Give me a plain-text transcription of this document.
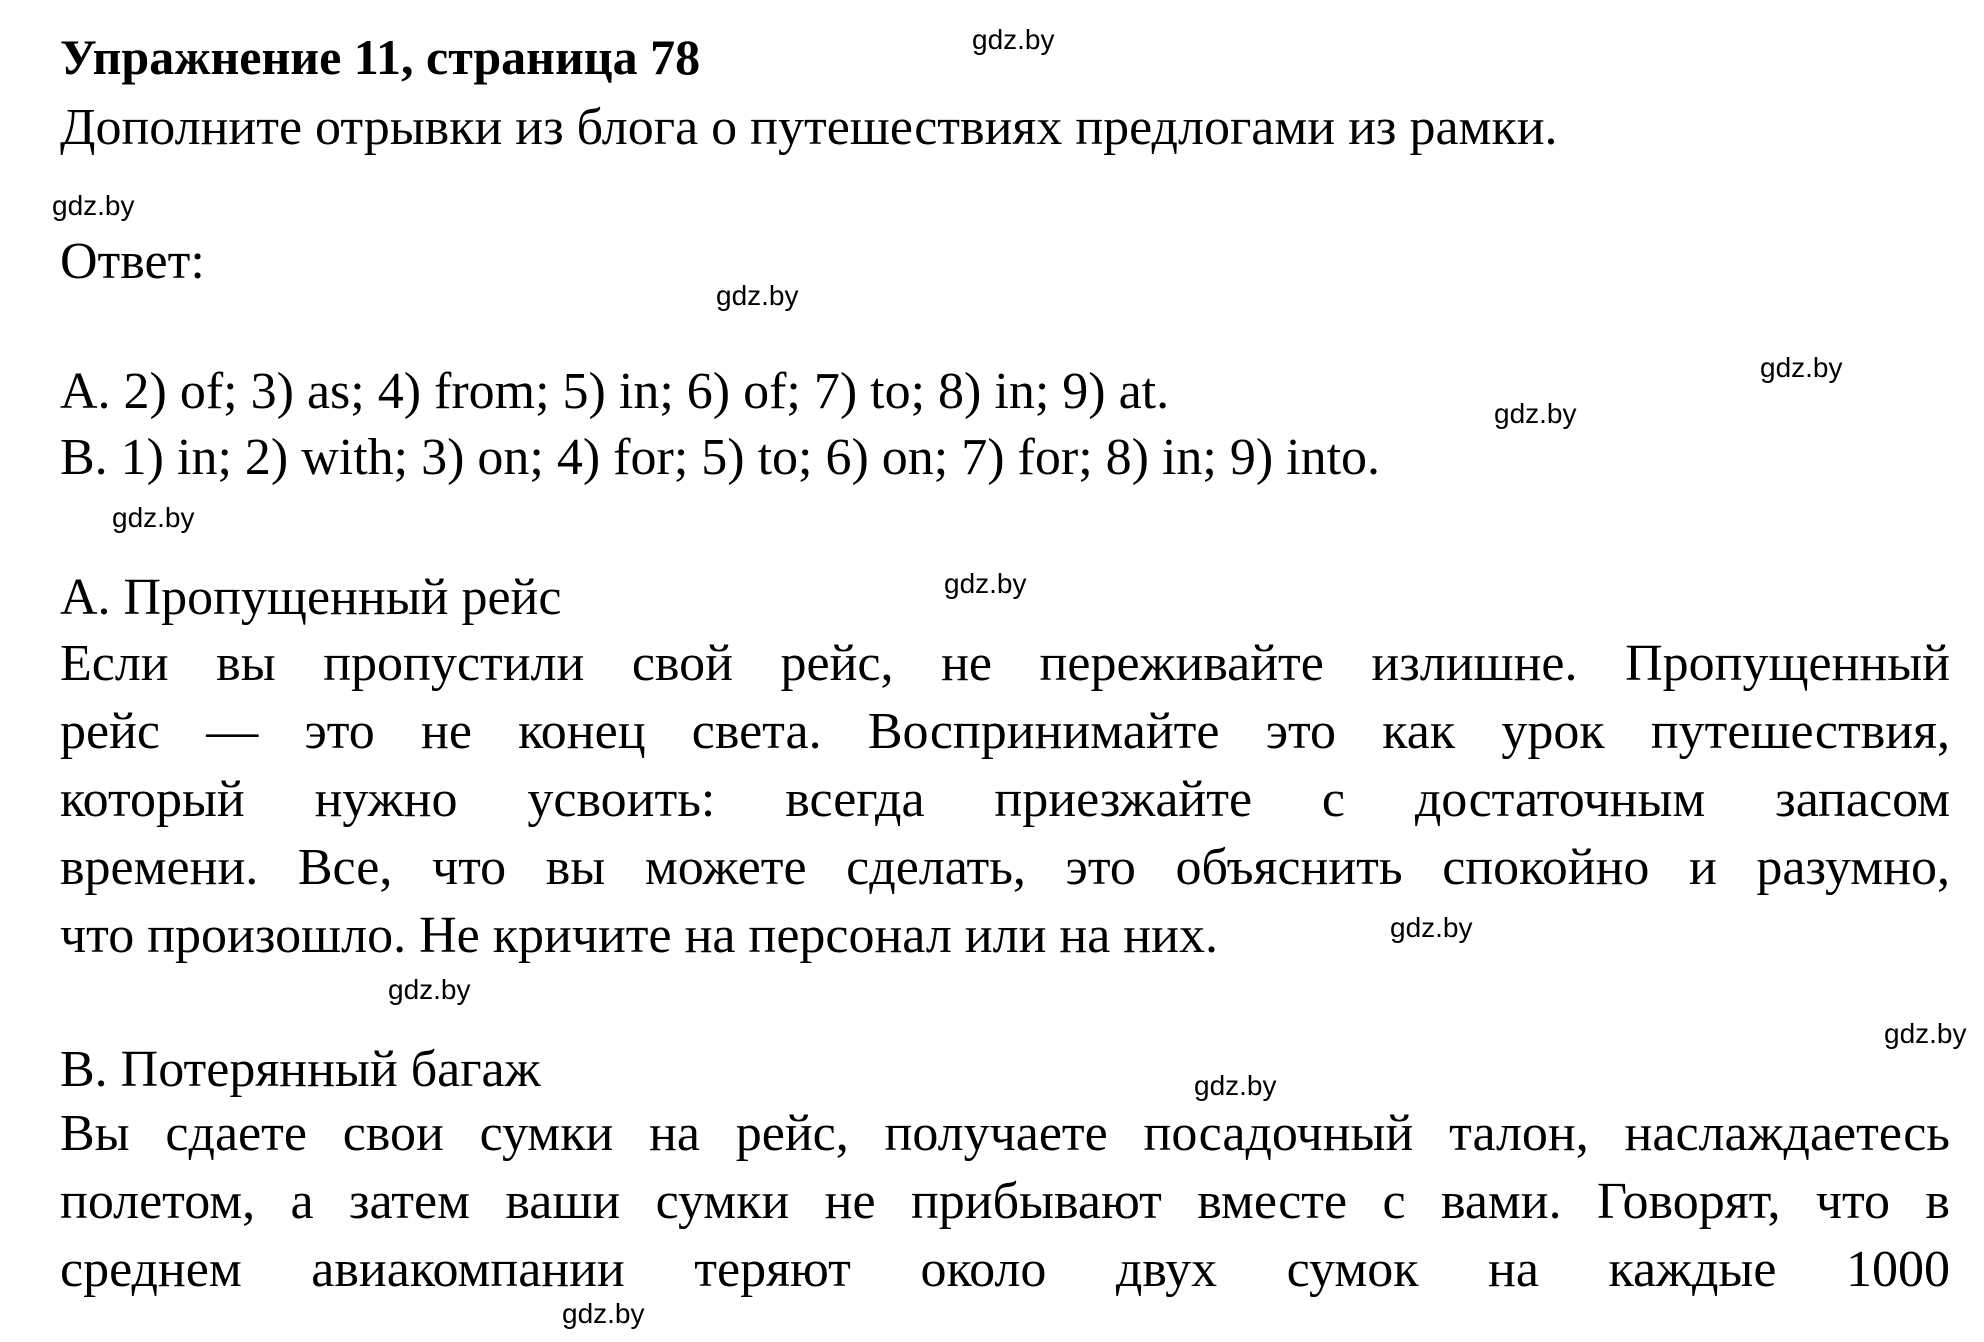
Упражнение 11, страница 78
Дополните отрывки из блога о путешествиях предлогами из рамки.
Ответ:
A. 2) of; 3) as; 4) from; 5) in; 6) of; 7) to; 8) in; 9) at.
B. 1) in; 2) with; 3) on; 4) for; 5) to; 6) on; 7) for; 8) in; 9) into.
A. Пропущенный рейс
Если вы пропустили свой рейс, не переживайте излишне. Пропущенный
рейс — это не конец света. Воспринимайте это как урок путешествия,
который нужно усвоить: всегда приезжайте с достаточным запасом
времени. Все, что вы можете сделать, это объяснить спокойно и разумно,
что произошло. Не кричите на персонал или на них.
B. Потерянный багаж
Вы сдаете свои сумки на рейс, получаете посадочный талон, наслаждаетесь
полетом, а затем ваши сумки не прибывают вместе с вами. Говорят, что в
среднем авиакомпании теряют около двух сумок на каждые 1000
gdz.by
gdz.by
gdz.by
gdz.by
gdz.by
gdz.by
gdz.by
gdz.by
gdz.by
gdz.by
gdz.by
gdz.by
